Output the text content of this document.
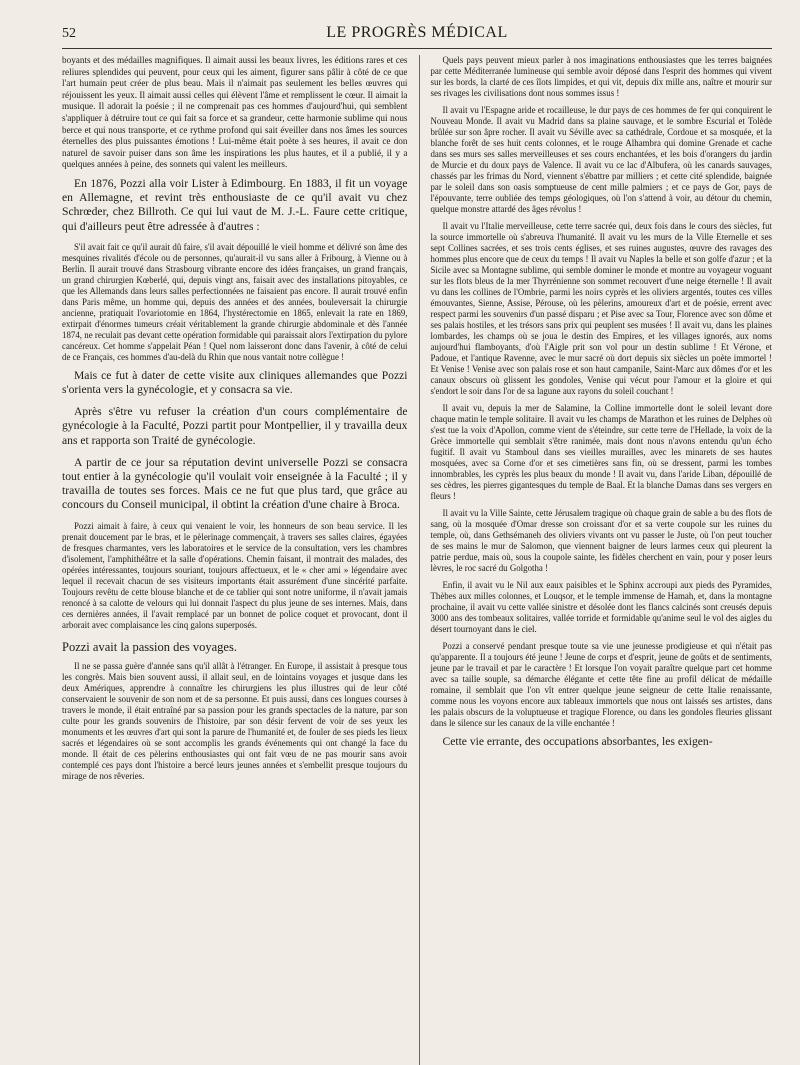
52	LE PROGRÈS MÉDICAL

boyants et des médailles magnifiques. Il aimait aussi les beaux livres, les éditions rares et ces reliures splendides qui peuvent, pour ceux qui les aiment, figurer sans pâlir à côté de ce que l'art humain peut créer de plus beau. Mais il n'aimait pas seulement les belles œuvres qui réjouissent les yeux. Il aimait aussi celles qui élèvent l'âme et remplissent le cœur. Il aimait la musique. Il adorait la poésie ; il ne comprenait pas ces hommes d'aujourd'hui, qui semblent s'appliquer à détruire tout ce qui fait sa force et sa grandeur, cette harmonie sublime qui nous berce et qui nous transporte, et ce rythme profond qui sait éveiller dans nos âmes les sources éternelles des plus puissantes émotions ! Lui-même était poète à ses heures, il avait ce don naturel de savoir puiser dans son âme les inspirations les plus hautes, et il a publié, il y a quelques années à peine, des sonnets qui valent les meilleurs.

En 1876, Pozzi alla voir Lister à Edimbourg. En 1883, il fit un voyage en Allemagne, et revint très enthousiaste de ce qu'il avait vu chez Schrœder, chez Billroth. Ce qui lui vaut de M. J.-L. Faure cette critique, qui d'ailleurs peut être adressée à d'autres :

S'il avait fait ce qu'il aurait dû faire, s'il avait dépouillé le vieil homme et délivré son âme des mesquines rivalités d'école ou de personnes, qu'aurait-il vu sans aller à Fribourg, à Vienne ou à Berlin. Il aurait trouvé dans Strasbourg vibrante encore des idées françaises, un grand français, un grand chirurgien Kœberlé, qui, depuis vingt ans, faisait avec des installations pitoyables, ce que les Allemands dans leurs salles perfectionnées ne faisaient pas encore. Il aurait trouvé enfin dans Paris même, un homme qui, depuis des années et des années, bouleversait la chirurgie ancienne, pratiquait l'ovariotomie en 1864, l'hystérectomie en 1865, enlevait la rate en 1869, extirpait d'énormes tumeurs créait véritablement la grande chirurgie abdominale et dès l'année 1874, ne reculait pas devant cette opération formidable qui paraissait alors l'extirpation du pylore cancéreux. Cet homme s'appelait Péan ! Quel nom laisseront donc dans l'avenir, à côté de celui de ce Français, ces hommes d'au-delà du Rhin que nous vantait notre collègue !

Mais ce fut à dater de cette visite aux cliniques allemandes que Pozzi s'orienta vers la gynécologie, et y consacra sa vie.

Après s'être vu refuser la création d'un cours complémentaire de gynécologie à la Faculté, Pozzi partit pour Montpellier, il y travailla deux ans et rapporta son Traité de gynécologie.

A partir de ce jour sa réputation devint universelle Pozzi se consacra tout entier à la gynécologie qu'il voulait voir enseignée à la Faculté ; il y travailla de toutes ses forces. Mais ce ne fut que plus tard, que grâce au concours du Conseil municipal, il obtint la création d'une chaire à Broca.

Pozzi aimait à faire, à ceux qui venaient le voir, les honneurs de son beau service. Il les prenait doucement par le bras, et le pèlerinage commençait, à travers ses salles claires, égayées de fresques charmantes, vers les laboratoires et le service de la consultation, vers les chambres d'isolement, l'amphithéâtre et la salle d'opérations. Chemin faisant, il montrait des malades, des opérées intéressantes, toujours souriant, toujours affectueux, et le « cher ami » légendaire avec lequel il recevait chacun de ses visiteurs importants était assurément d'une sincérité parfaite. Toujours revêtu de cette blouse blanche et de ce tablier qui sont notre uniforme, il n'avait jamais renoncé à sa calotte de velours qui lui donnait l'aspect du plus jeune de ses internes. Mais, dans ces dernières années, il l'avait remplacé par un bonnet de police coquet et provocant, dont il arborait avec complaisance les cinq galons superposés.

Pozzi avait la passion des voyages.

Il ne se passa guère d'année sans qu'il allât à l'étranger. En Europe, il assistait à presque tous les congrès. Mais bien souvent aussi, il allait seul, en de lointains voyages et jusque dans les deux Amériques, apprendre à connaître les chirurgiens les plus illustres qui de leur côté conservaient le souvenir de son nom et de sa personne. Et puis aussi, dans ces longues courses à travers le monde, il était entraîné par sa passion pour les grands spectacles de la nature, par son culte pour les grands souvenirs de l'histoire, par son désir fervent de voir de ses yeux les monuments et les œuvres d'art qui sont la parure de l'humanité et, de fouler de ses pieds les lieux sacrés et légendaires où se sont accomplis les grands événements qui ont changé la face du monde. Il était de ces pèlerins enthousiastes qui ont fait vœu de ne pas mourir sans avoir contemplé ces pays dont l'histoire a bercé leurs jeunes années et s'embellit presque toujours du mirage de nos rêveries.

Quels pays peuvent mieux parler à nos imaginations enthousiastes que les terres baignées par cette Méditerranée lumineuse qui semble avoir déposé dans l'esprit des hommes qui vivent sur les bords, la clarté de ces îlots limpides, et qui vit, depuis dix mille ans, naître et mourir sur ses rivages les civilisations dont nous sommes issus !

Il avait vu l'Espagne aride et rocailleuse, le dur pays de ces hommes de fer qui conquirent le Nouveau Monde. Il avait vu Madrid dans sa plaine sauvage, et le sombre Escurial et Tolède brûlée sur son âpre rocher. Il avait vu Séville avec sa cathédrale, Cordoue et sa mosquée, et la blanche forêt de ses huit cents colonnes, et le rouge Alhambra qui domine Grenade et cache dans ses murs ses salles merveilleuses et ses cours enchantées, et les bois d'orangers du jardin de Murcie et du doux pays de Valence. Il avait vu ce lac d'Albufera, où les canards sauvages, chassés par les frimas du Nord, viennent s'ébattre par milliers ; et cette cité splendide, baignée par le soleil dans son oasis somptueuse de cent mille palmiers ; et ce pays de Gor, pays de l'épouvante, terre oubliée des temps géologiques, où l'on s'attend à voir, au détour du chemin, quelque monstre attardé des âges révolus !

Il avait vu l'Italie merveilleuse, cette terre sacrée qui, deux fois dans le cours des siècles, fut la source immortelle où s'abreuva l'humanité. Il avait vu les murs de la Ville Eternelle et ses sept Collines sacrées, et ses trois cents églises, et ses ruines augustes, œuvre des ravages des hommes plus encore que de ceux du temps ! Il avait vu Naples la belle et son golfe d'azur ; et la Sicile avec sa Montagne sublime, qui semble dominer le monde et montre au voyageur voguant sur les flots bleus de la mer Thyrrénienne son sommet recouvert d'une neige éternelle ! Il avait vu dans les collines de l'Ombrie, parmi les noirs cyprès et les oliviers argentés, toutes ces villes émouvantes, Sienne, Assise, Pérouse, où les pèlerins, amoureux d'art et de poésie, errent avec respect parmi les souvenirs d'un passé disparu ; et Pise avec sa Tour, Florence avec son dôme et ses palais hostiles, et les trésors sans prix qui peuplent ses musées ! Il avait vu, dans les plaines lombardes, les champs où se joua le destin des Empires, et les villages ignorés, aux noms aujourd'hui flamboyants, d'où l'Aigle prit son vol pour un destin sublime ! Et Vérone, et Padoue, et l'antique Ravenne, avec le mur sacré où dort depuis six siècles un poète immortel ! Et Venise ! Venise avec son palais rose et son haut campanile, Saint-Marc aux dômes d'or et les canaux obscurs où glissent les gondoles, Venise qui vécut pour l'amour et la gloire et qui s'endort le soir dans l'or de sa lagune aux rayons du soleil couchant !

Il avait vu, depuis la mer de Salamine, la Colline immortelle dont le soleil levant dore chaque matin le temple solitaire. Il avait vu les champs de Marathon et les ruines de Delphes où s'est tue la voix d'Apollon, comme vient de s'éteindre, sur cette terre de l'Hellade, la voix de la Grèce immortelle qui semblait s'être ranimée, mais dont nous n'avons entendu qu'un écho fugitif. Il avait vu Stamboul dans ses vieilles murailles, avec les minarets de ses hautes mosquées, avec sa Corne d'or et ses cimetières sans fin, où se dressent, parmi les tombes innombrables, les cyprès les plus beaux du monde ! Il avait vu, dans l'aride Liban, dépouillé de ses cèdres, les pierres gigantesques du temple de Baal. Et la blanche Damas dans ses vergers en fleurs !

Il avait vu la Ville Sainte, cette Jérusalem tragique où chaque grain de sable a bu des flots de sang, où la mosquée d'Omar dresse son croissant d'or et sa verte coupole sur les ruines du temple, où, dans Gethsémaneh des oliviers vivants ont vu passer le Juste, où l'on peut toucher de ses mains le mur de Salomon, que viennent baigner de leurs larmes ceux qui pleurent la patrie perdue, mais où, sous la coupole sainte, les fidèles cherchent en vain, pour y poser leurs lèvres, le roc sacré du Golgotha !

Enfin, il avait vu le Nil aux eaux paisibles et le Sphinx accroupi aux pieds des Pyramides, Thèbes aux milles colonnes, et Louqsor, et le temple immense de Hamah, et, dans la montagne prochaine, il avait vu cette vallée sinistre et désolée dont les flancs calcinés sont creusés depuis 3000 ans des tombeaux solitaires, vallée torride et formidable qu'anime seul le vol des aigles du désert tournoyant dans le ciel.

Pozzi a conservé pendant presque toute sa vie une jeunesse prodigieuse et qui n'était pas qu'apparente. Il a toujours été jeune ! Jeune de corps et d'esprit, jeune de goûts et de sentiments, jeune par le travail et par le caractère ! Et lorsque l'on voyait paraître quelque part cet homme avec sa taille souple, sa démarche élégante et cette tête fine au profil délicat de médaille romaine, il semblait que l'on vît entrer quelque jeune seigneur de cette Italie renaissante, comme nous les voyons encore aux tableaux immortels que nous ont laissés ses artistes, dans les palais obscurs de la voluptueuse et tragique Florence, ou dans les gondoles fleuries glissant dans le silence sur les canaux de la ville enchantée !

Cette vie errante, des occupations absorbantes, les exigen-
